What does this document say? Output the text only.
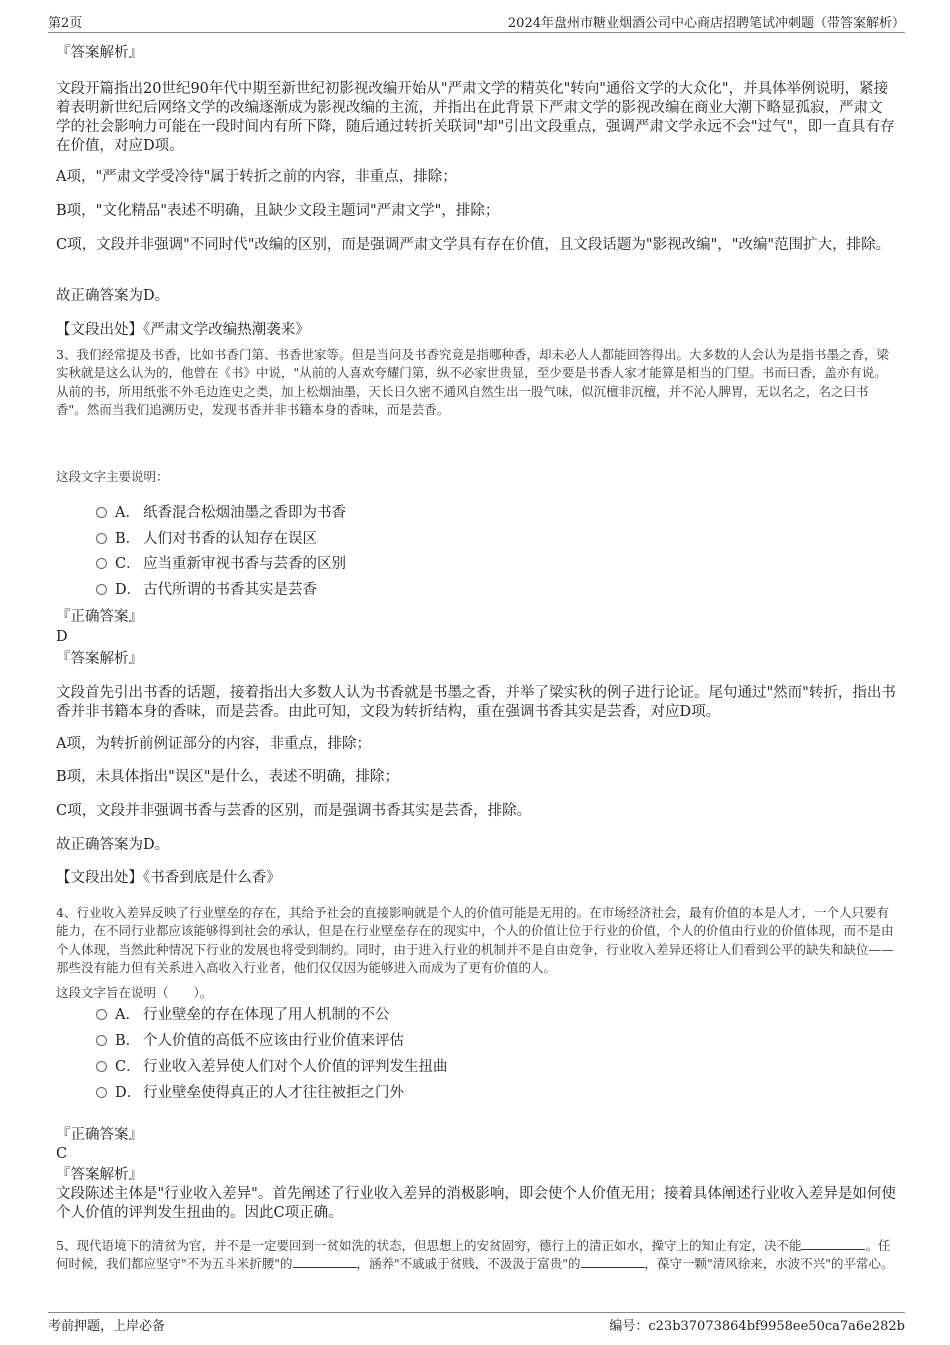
第2页	2024年盘州市糖业烟酒公司中心商店招聘笔试冲刺题（带答案解析）
『答案解析』

文段开篇指出20世纪90年代中期至新世纪初影视改编开始从"严肃文学的精英化"转向"通俗文学的大众化"，并具体举例说明，紧接着表明新世纪后网络文学的改编逐渐成为影视改编的主流，并指出在此背景下严肃文学的影视改编在商业大潮下略显孤寂，严肃文学的社会影响力可能在一段时间内有所下降，随后通过转折关联词"却"引出文段重点，强调严肃文学永远不会"过气"，即一直具有存在价值，对应D项。

A项，"严肃文学受冷待"属于转折之前的内容，非重点，排除；

B项，"文化精品"表述不明确，且缺少文段主题词"严肃文学"，排除；

C项，文段并非强调"不同时代"改编的区别，而是强调严肃文学具有存在价值，且文段话题为"影视改编"，"改编"范围扩大，排除。

故正确答案为D。

【文段出处】《严肃文学改编热潮袭来》

3、我们经常提及书香，比如书香门第、书香世家等。但是当问及书香究竟是指哪种香，却未必人人都能回答得出。大多数的人会认为是指书墨之香，梁实秋就是这么认为的，他曾在《书》中说，"从前的人喜欢夸耀门第，纵不必家世贵显，至少要是书香人家才能算是相当的门望。书而曰香，盖亦有说。从前的书，所用纸张不外毛边连史之类，加上松烟油墨，天长日久密不通风自然生出一股气味，似沉檀非沉檀，并不沁人脾胃，无以名之，名之曰书香"。然而当我们追溯历史，发现书香并非书籍本身的香味，而是芸香。

这段文字主要说明：

A． 纸香混合松烟油墨之香即为书香
B． 人们对书香的认知存在误区
C． 应当重新审视书香与芸香的区别
D． 古代所谓的书香其实是芸香
『正确答案』
D
『答案解析』

文段首先引出书香的话题，接着指出大多数人认为书香就是书墨之香，并举了梁实秋的例子进行论证。尾句通过"然而"转折，指出书香并非书籍本身的香味，而是芸香。由此可知，文段为转折结构，重在强调书香其实是芸香，对应D项。

A项，为转折前例证部分的内容，非重点，排除；

B项，未具体指出"误区"是什么，表述不明确，排除；

C项，文段并非强调书香与芸香的区别，而是强调书香其实是芸香，排除。

故正确答案为D。

【文段出处】《书香到底是什么香》

4、行业收入差异反映了行业壁垒的存在，其给予社会的直接影响就是个人的价值可能是无用的。在市场经济社会，最有价值的本是人才，一个人只要有能力，在不同行业都应该能够得到社会的承认，但是在行业壁垒存在的现实中，个人的价值让位于行业的价值，个人的价值由行业的价值体现，而不是由个人体现，当然此种情况下行业的发展也将受到制约。同时，由于进入行业的机制并不是自由竞争，行业收入差异还将让人们看到公平的缺失和缺位——那些没有能力但有关系进入高收入行业者，他们仅仅因为能够进入而成为了更有价值的人。

这段文字旨在说明（　　）。

A． 行业壁垒的存在体现了用人机制的不公
B． 个人价值的高低不应该由行业价值来评估
C． 行业收入差异使人们对个人价值的评判发生扭曲
D． 行业壁垒使得真正的人才往往被拒之门外
『正确答案』
C
『答案解析』

文段陈述主体是"行业收入差异"。首先阐述了行业收入差异的消极影响，即会使个人价值无用；接着具体阐述行业收入差异是如何使个人价值的评判发生扭曲的。因此C项正确。

5、现代语境下的清贫为官，并不是一定要回到一贫如洗的状态，但思想上的安贫固穷，德行上的清正如水，操守上的知止有定，决不能	。任何时候，我们都应坚守"不为五斗米折腰"的	，涵养"不戚戚于贫贱，不汲汲于富贵"的	，葆守一颗"清风徐来，水波不兴"的平常心。

考前押题，上岸必备	编号：c23b37073864bf9958ee50ca7a6e282b
